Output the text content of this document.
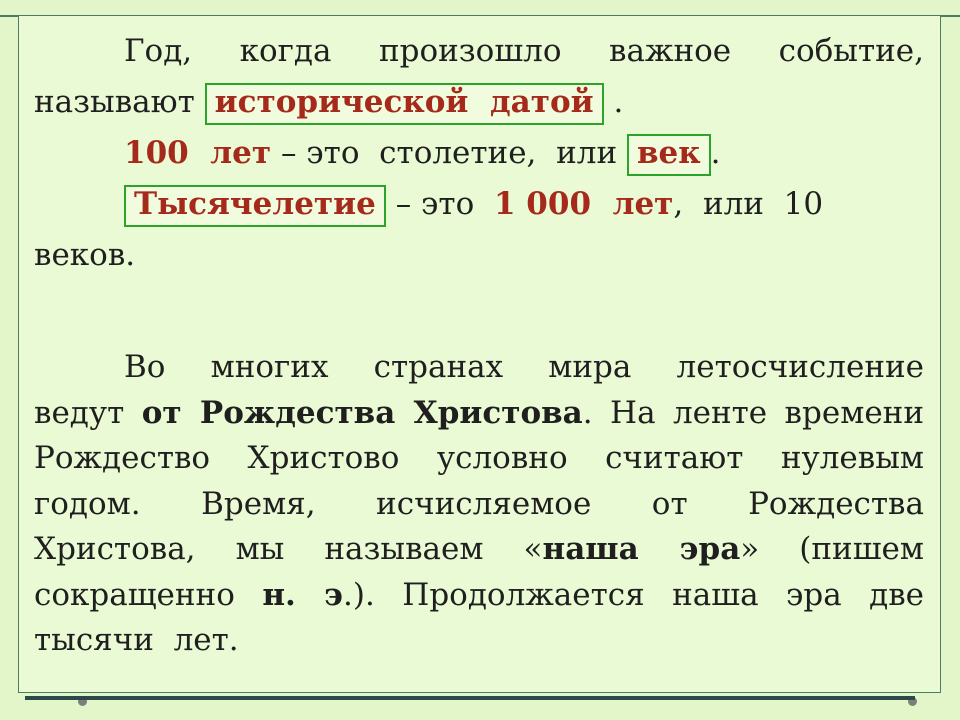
Год, когда произошло важное событие,
называют исторической  датой .
100  лет – это  столетие,  или век .
Тысячелетие – это  1 000  лет,  или  10  веков.
Во многих странах мира летосчисление
ведут от Рождества Христова. На ленте времени
Рождество Христово условно считают нулевым
годом. Время, исчисляемое от Рождества
Христова, мы называем «наша эра» (пишем
сокращенно н. э.). Продолжается наша эра две
тысячи  лет.
